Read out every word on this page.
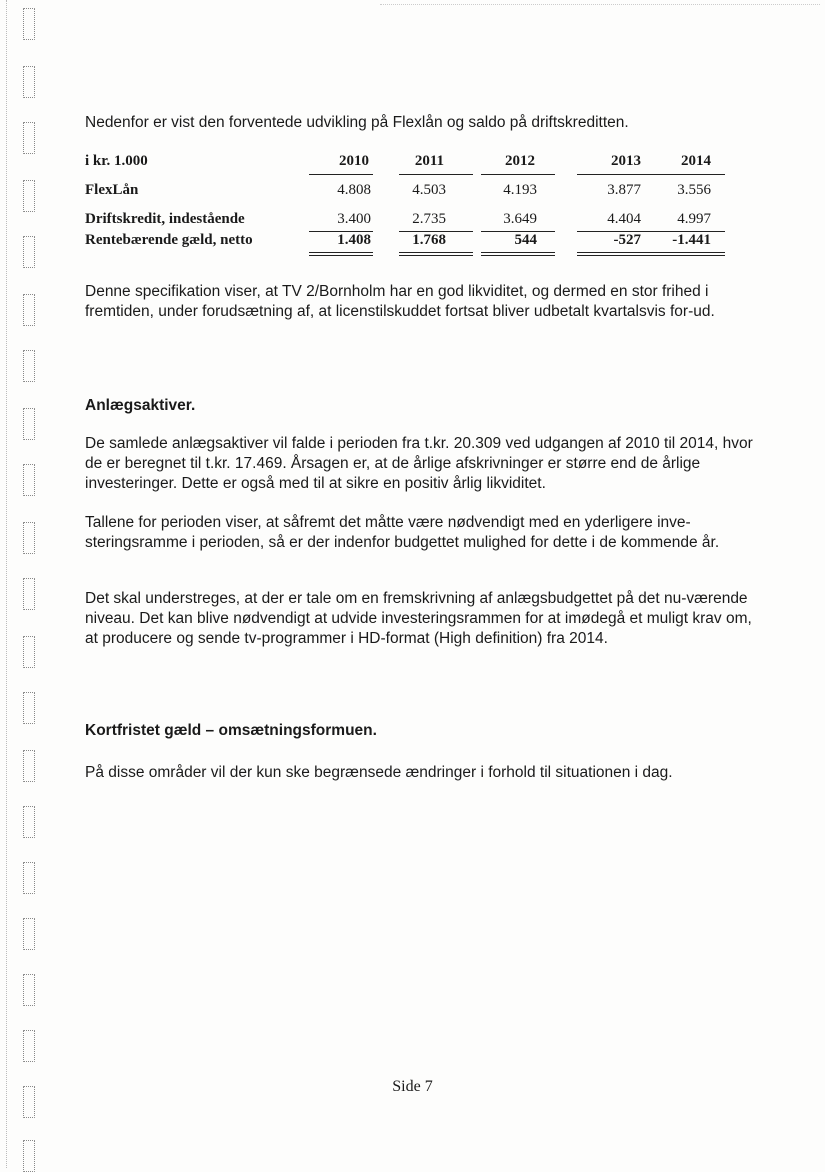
Nedenfor er vist den forventede udvikling på Flexlån og saldo på driftskreditten.

i kr. 1.000	2010	2011	2012	2013	2014
FlexLån	4.808	4.503	4.193	3.877 3.556
Driftskredit, indestående	3.400	2.735	3.649	4.404 4.997
Rentebærende gæld, netto	1.408	1.768	544	-527 -1.441

Denne specifikation viser, at TV 2/Bornholm har en god likviditet, og dermed en stor frihed i fremtiden, under forudsætning af, at licenstilskuddet fortsat bliver udbetalt kvartalsvis for-ud.

Anlægsaktiver.

De samlede anlægsaktiver vil falde i perioden fra t.kr. 20.309 ved udgangen af 2010 til 2014, hvor de er beregnet til t.kr. 17.469. Årsagen er, at de årlige afskrivninger er større end de årlige investeringer. Dette er også med til at sikre en positiv årlig likviditet.

Tallene for perioden viser, at såfremt det måtte være nødvendigt med en yderligere inve-steringsramme i perioden, så er der indenfor budgettet mulighed for dette i de kommende år.

Det skal understreges, at der er tale om en fremskrivning af anlægsbudgettet på det nu-værende niveau. Det kan blive nødvendigt at udvide investeringsrammen for at imødegå et muligt krav om, at producere og sende tv-programmer i HD-format (High definition) fra 2014.

Kortfristet gæld – omsætningsformuen.

På disse områder vil der kun ske begrænsede ændringer i forhold til situationen i dag.

Side 7
